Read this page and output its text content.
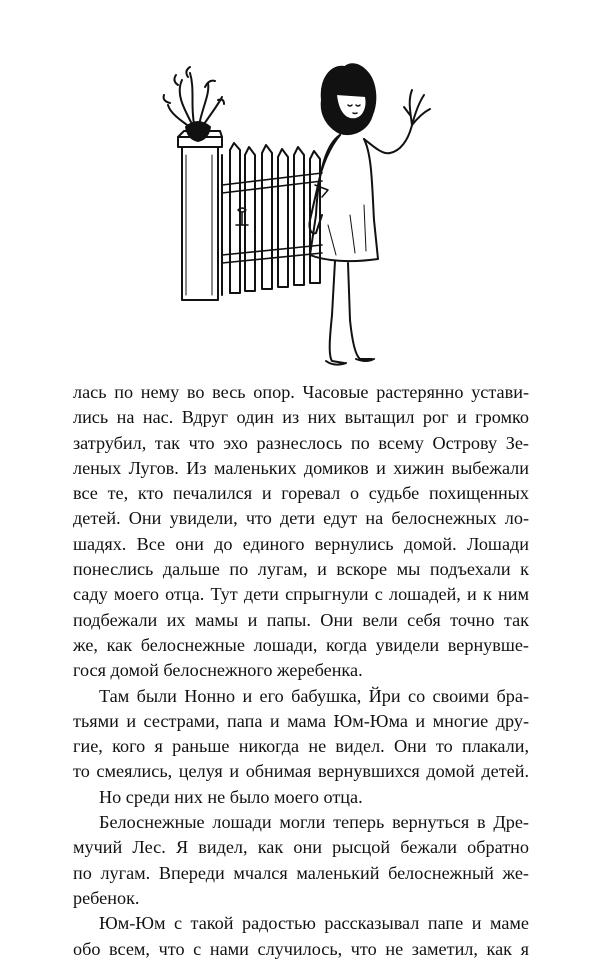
лась по нему во весь опор. Часовые растерянно устави-
лись на нас. Вдруг один из них вытащил рог и громко
затрубил, так что эхо разнеслось по всему Острову Зе-
леных Лугов. Из маленьких домиков и хижин выбежали
все те, кто печалился и горевал о судьбе похищенных
детей. Они увидели, что дети едут на белоснежных ло-
шадях. Все они до единого вернулись домой. Лошади
понеслись дальше по лугам, и вскоре мы подъехали к
саду моего отца. Тут дети спрыгнули с лошадей, и к ним
подбежали их мамы и папы. Они вели себя точно так
же, как белоснежные лошади, когда увидели вернувше-
гося домой белоснежного жеребенка.
Там были Нонно и его бабушка, Йри со своими бра-
тьями и сестрами, папа и мама Юм-Юма и многие дру-
гие, кого я раньше никогда не видел. Они то плакали,
то смеялись, целуя и обнимая вернувшихся домой детей.
Но среди них не было моего отца.
Белоснежные лошади могли теперь вернуться в Дре-
мучий Лес. Я видел, как они рысцой бежали обратно
по лугам. Впереди мчался маленький белоснежный же-
ребенок.
Юм-Юм с такой радостью рассказывал папе и маме
обо всем, что с нами случилось, что не заметил, как я
